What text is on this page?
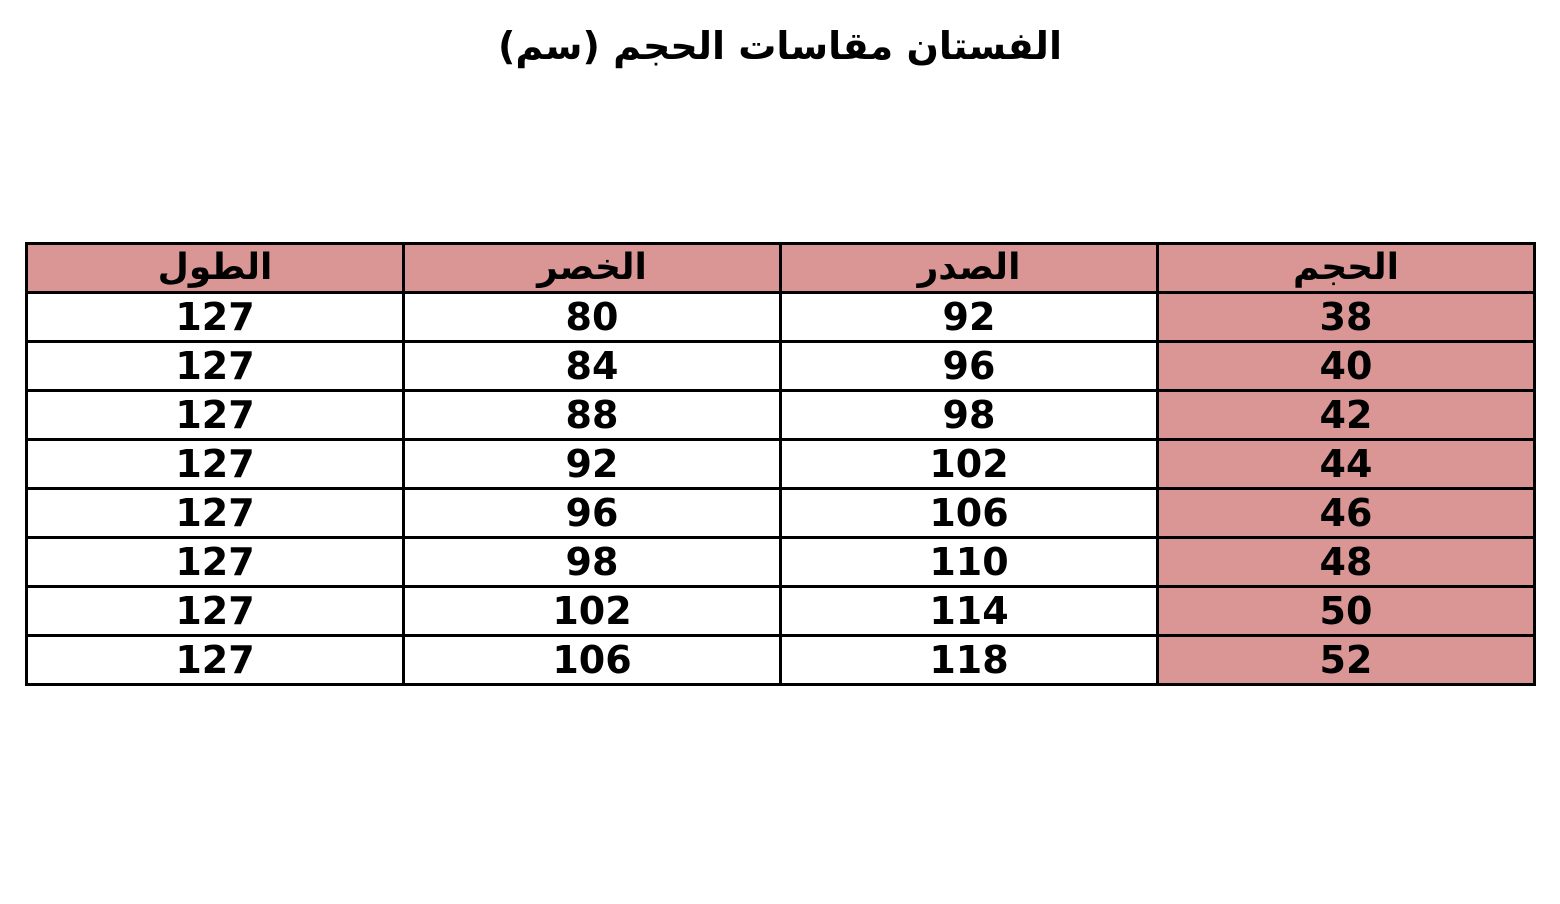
الفستان مقاسات الحجم (سم)
الحجم	الصدر	الخصر	الطول
38	92	80	127
40	96	84	127
42	98	88	127
44	102	92	127
46	106	96	127
48	110	98	127
50	114	102	127
52	118	106	127
